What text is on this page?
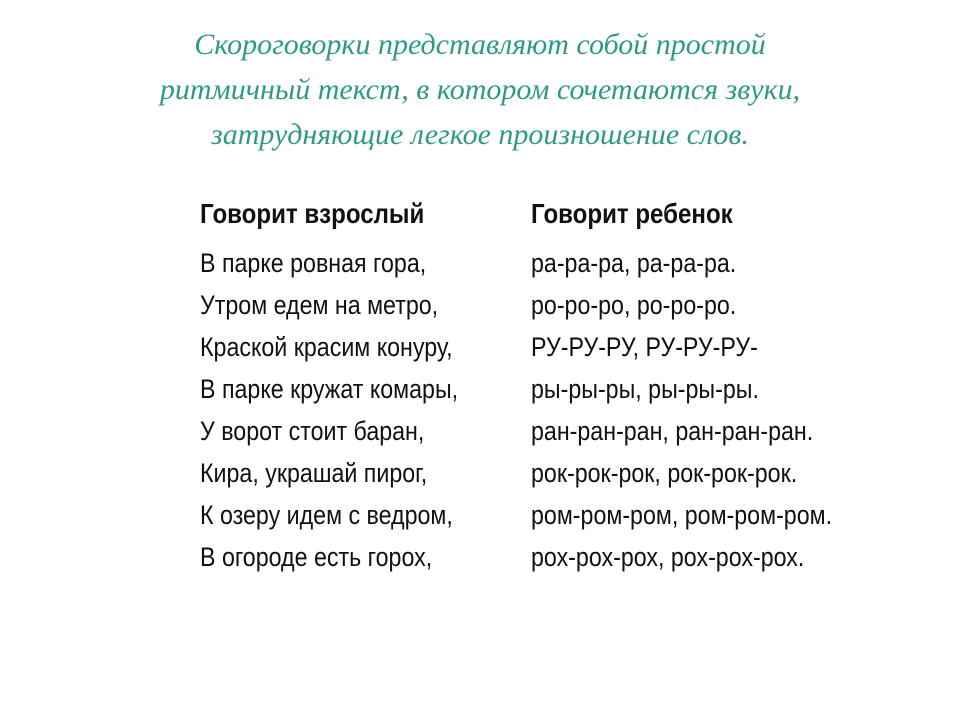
Скороговорки представляют собой простой
ритмичный текст, в котором сочетаются звуки,
затрудняющие легкое произношение слов.
Говорит взрослый
В парке ровная гора,
Утром едем на метро,
Краской красим конуру,
В парке кружат комары,
У ворот стоит баран,
Кира, украшай пирог,
К озеру идем с ведром,
В огороде есть горох,
Говорит ребенок
ра-ра-ра, ра-ра-ра.
ро-ро-ро, ро-ро-ро.
РУ-РУ-РУ, РУ-РУ-РУ-
ры-ры-ры, ры-ры-ры.
ран-ран-ран, ран-ран-ран.
рок-рок-рок, рок-рок-рок.
ром-ром-ром, ром-ром-ром.
рох-рох-рох, рох-рох-рох.
